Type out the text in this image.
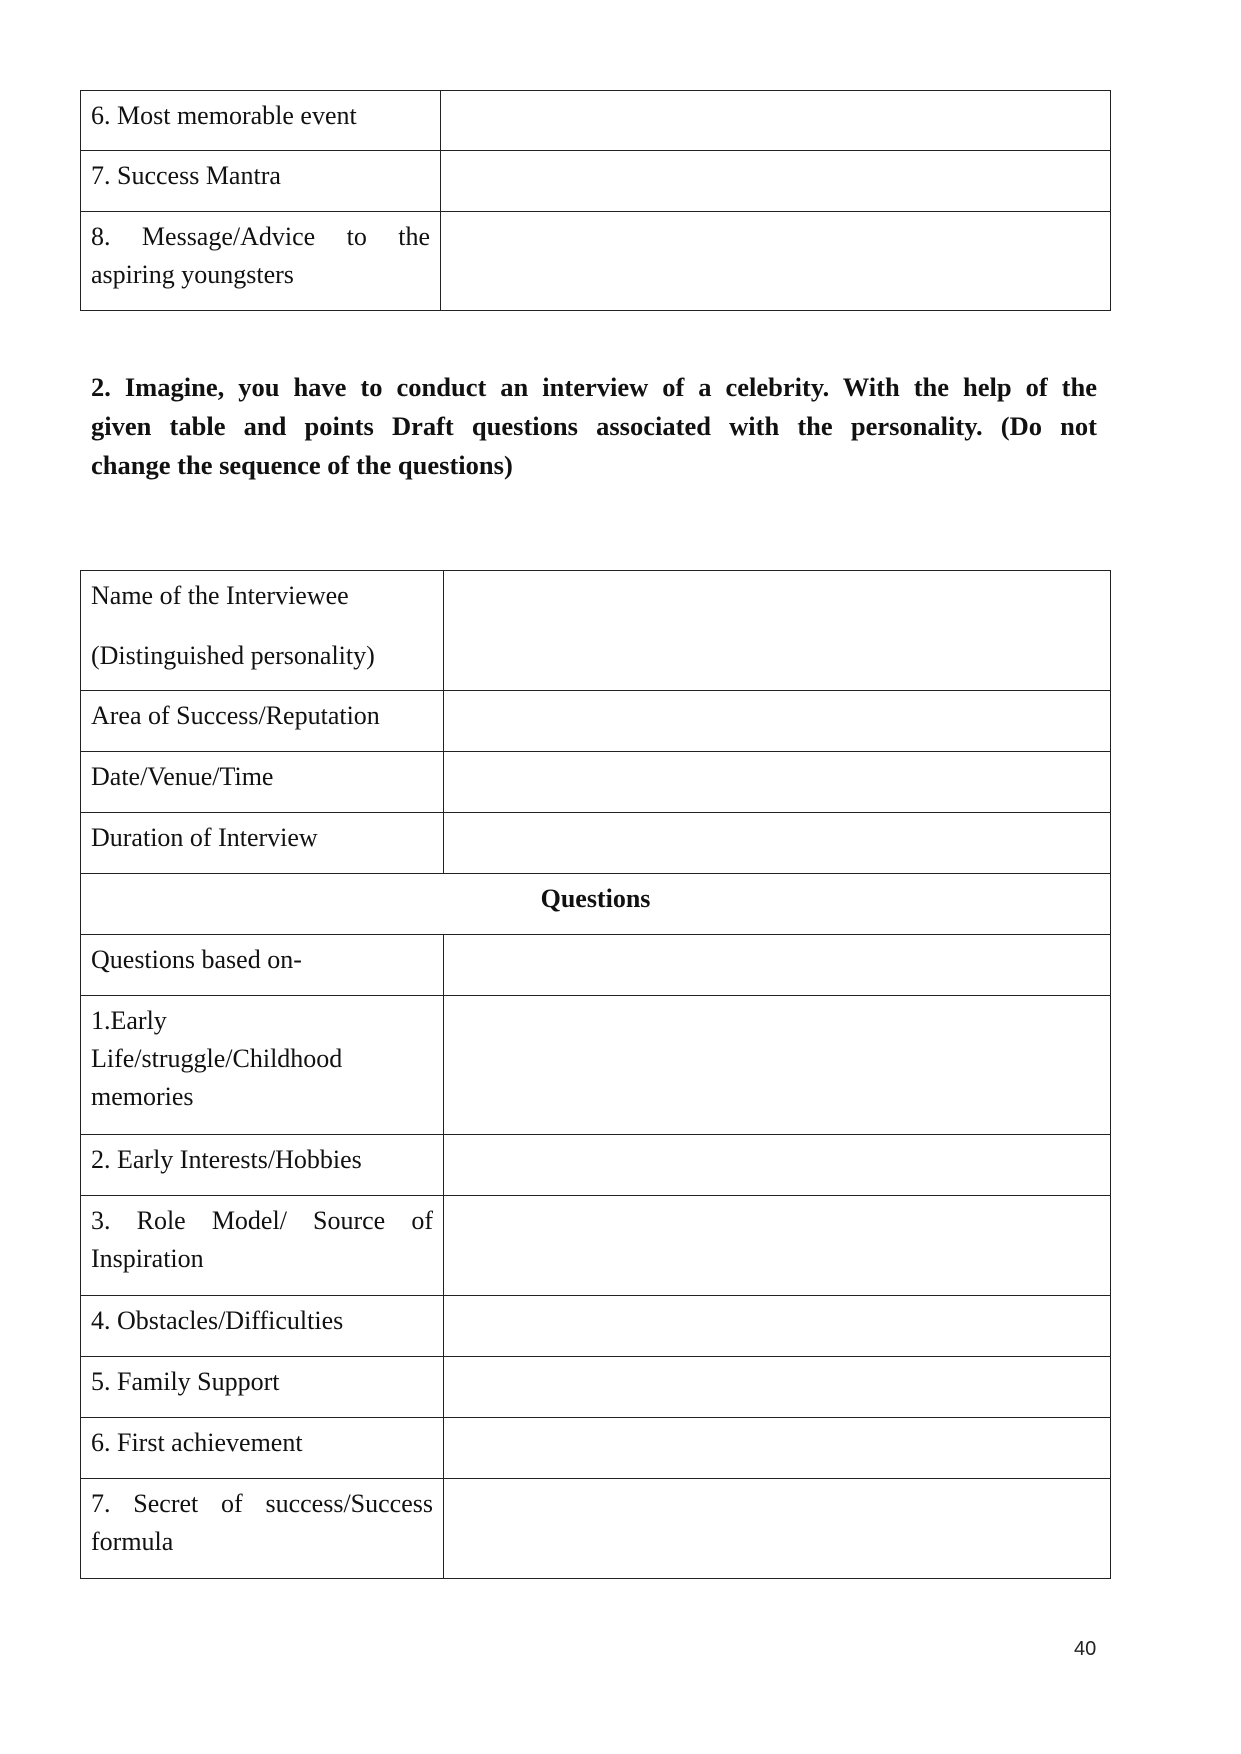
6. Most memorable event	

7. Success Mantra	

8. Message/Advice to the
aspiring youngsters	

2. Imagine, you have to conduct an interview of a celebrity. With the help of the
given table and points Draft questions associated with the personality. (Do not
change the sequence of the questions)
Name of the Interviewee
(Distinguished personality)	

Area of Success/Reputation	

Date/Venue/Time	

Duration of Interview	

Questions	

Questions based on-	

1.Early
Life/struggle/Childhood
memories	

2. Early Interests/Hobbies	

3. Role Model/ Source of
Inspiration	

4. Obstacles/Difficulties	

5. Family Support	

6. First achievement	

7. Secret of success/Success
formula	

40
